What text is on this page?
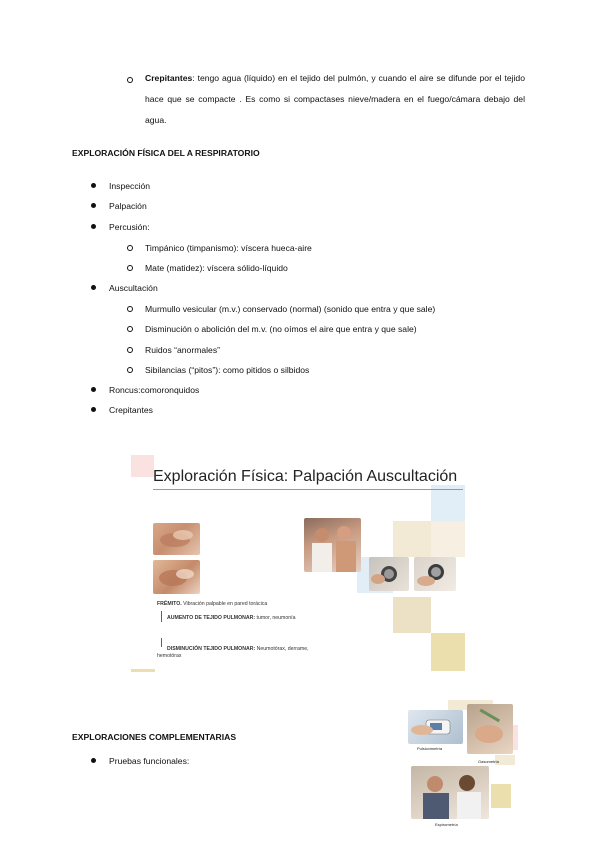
Crepitantes: tengo agua (líquido) en el tejido del pulmón, y cuando el aire se difunde por el tejido hace que se compacte . Es como si compactases nieve/madera en el fuego/cámara debajo del agua.
EXPLORACIÓN FÍSICA DEL A RESPIRATORIO
Inspección
Palpación
Percusión:
Timpánico (timpanismo): víscera hueca-aire
Mate (matidez): víscera sólido-líquido
Auscultación
Murmullo vesicular (m.v.) conservado (normal) (sonido que entra y que sale)
Disminución o abolición del m.v. (no oímos el aire que entra y que sale)
Ruidos “anormales”
Sibilancias (“pitos”): como pitidos o silbidos
Roncus:comoronquidos
Crepitantes
Exploración Física: Palpación Auscultación
FRÉMITO. Vibración palpable en pared torácica
AUMENTO DE TEJIDO PULMONAR: tumor, neumonía
DISMINUCIÓN TEJIDO PULMONAR: Neumotórax, derrame,
hemotórax
EXPLORACIONES COMPLEMENTARIAS
Pruebas funcionales:
Pulsioximetría
Gasometría
Espirometría
